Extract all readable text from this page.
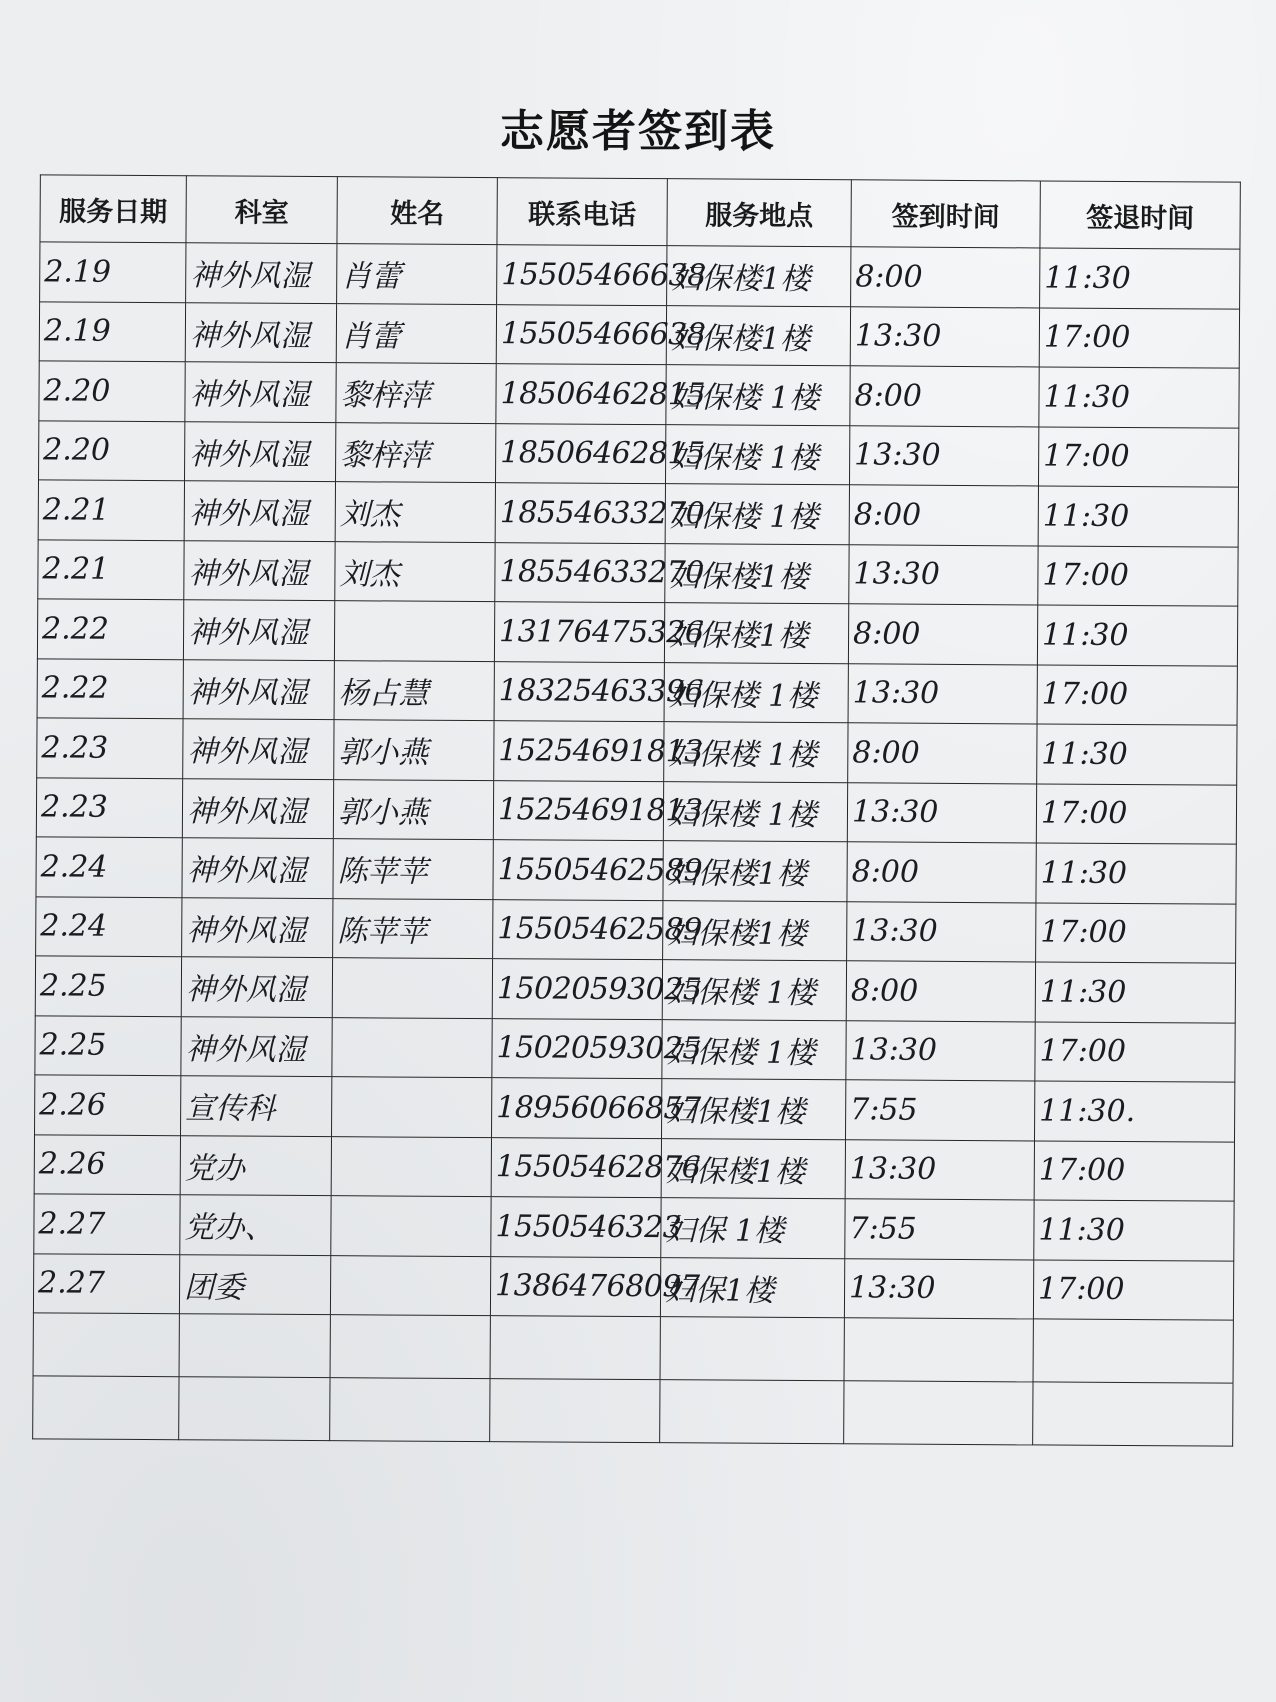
志愿者签到表
服务日期	科室	姓名	联系电话	服务地点	签到时间	签退时间
2.19	神外风湿	肖蕾	15505466638	妇保楼1楼	8:00	11:30
2.19	神外风湿	肖蕾	15505466638	妇保楼1楼	13:30	17:00
2.20	神外风湿	黎梓萍	18506462815	妇保楼 1楼	8:00	11:30
2.20	神外风湿	黎梓萍	18506462815	妇保楼 1楼	13:30	17:00
2.21	神外风湿	刘杰	18554633270	妇保楼 1楼	8:00	11:30
2.21	神外风湿	刘杰	18554633270	妇保楼1楼	13:30	17:00
2.22	神外风湿		13176475326	妇保楼1楼	8:00	11:30
2.22	神外风湿	杨占慧	18325463396	妇保楼 1楼	13:30	17:00
2.23	神外风湿	郭小燕	15254691813	妇保楼 1楼	8:00	11:30
2.23	神外风湿	郭小燕	15254691813	妇保楼 1楼	13:30	17:00
2.24	神外风湿	陈苹苹	15505462589	妇保楼1楼	8:00	11:30
2.24	神外风湿	陈苹苹	15505462589	妇保楼1楼	13:30	17:00
2.25	神外风湿		15020593025	妇保楼 1楼	8:00	11:30
2.25	神外风湿		15020593025	妇保楼 1楼	13:30	17:00
2.26	宣传科		18956066857	妇保楼1楼	7:55	11:30.
2.26	党办		15505462876	妇保楼1楼	13:30	17:00
2.27	党办、		1550546323	妇保 1楼	7:55	11:30
2.27	团委		13864768097	妇保1楼	13:30	17:00
